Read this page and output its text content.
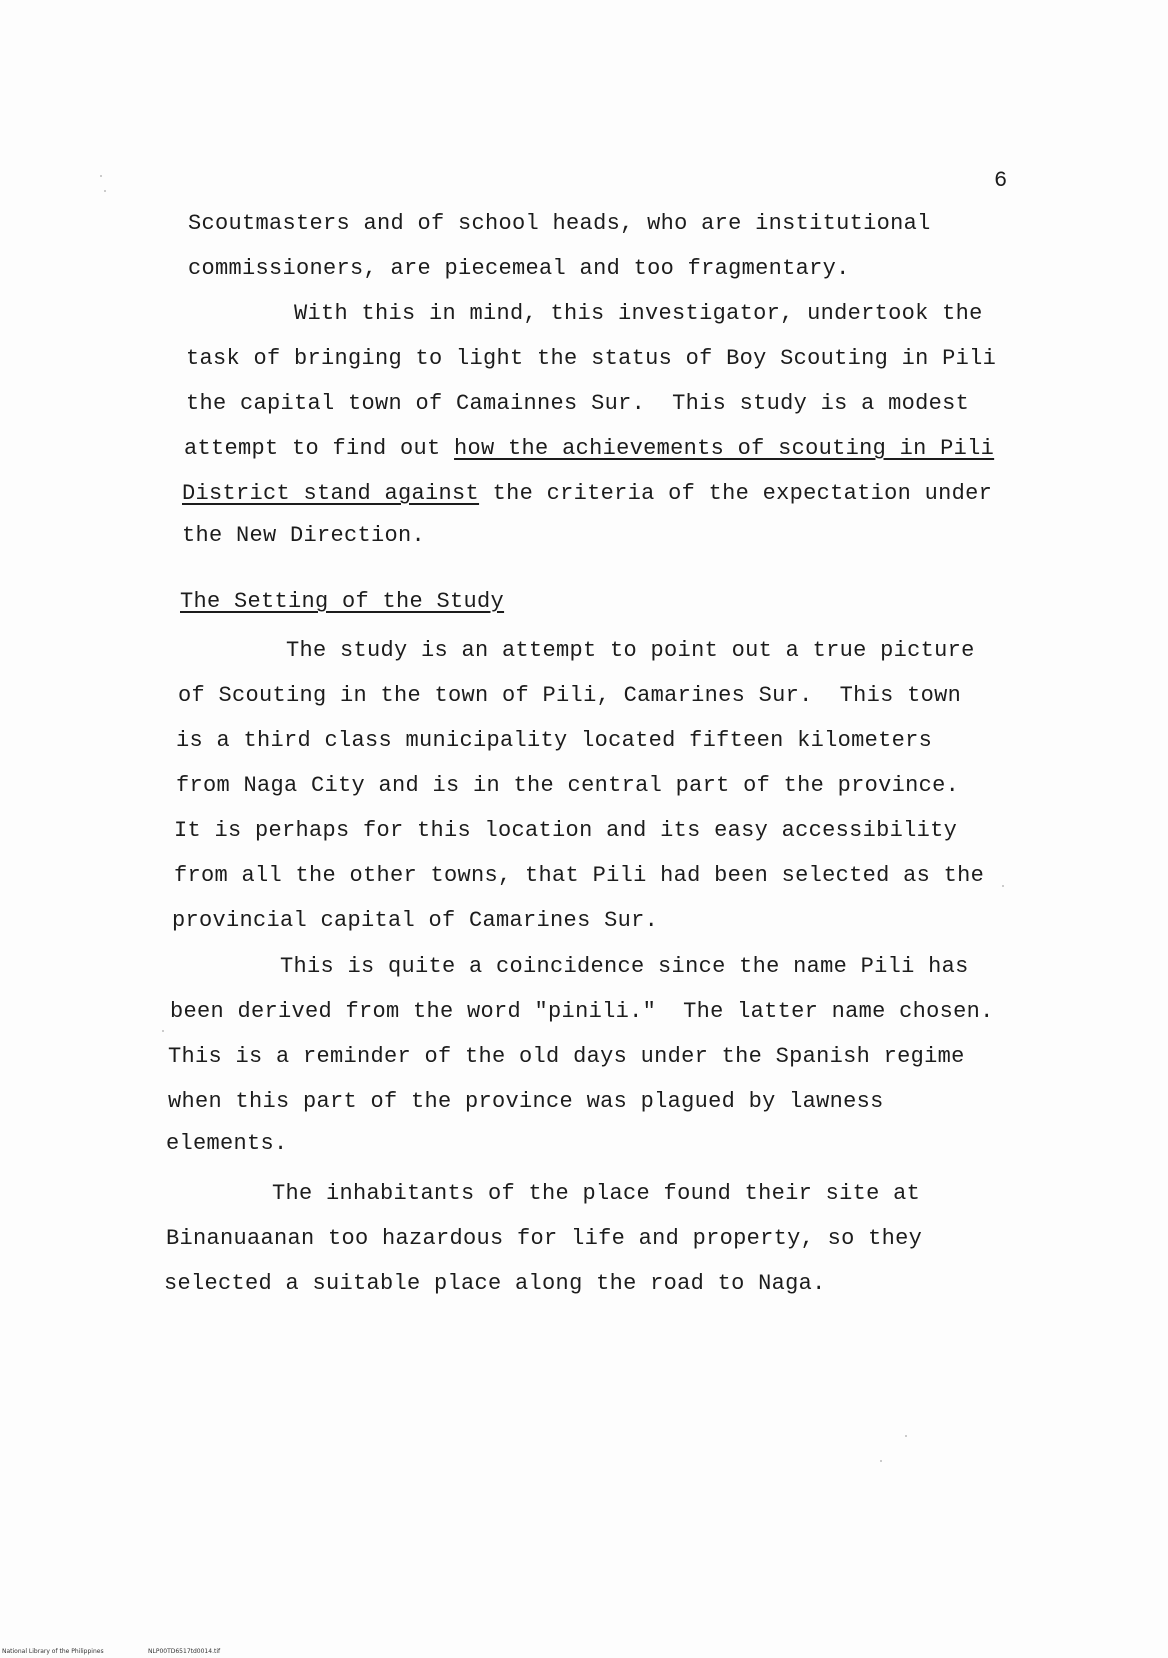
6

Scoutmasters and of school heads, who are institutional

commissioners, are piecemeal and too fragmentary.

With this in mind, this investigator, undertook the

task of bringing to light the status of Boy Scouting in Pili

the capital town of Camainnes Sur.  This study is a modest

attempt to find out how the achievements of scouting in Pili

District stand against the criteria of the expectation under

the New Direction.

The Setting of the Study

The study is an attempt to point out a true picture

of Scouting in the town of Pili, Camarines Sur.  This town

is a third class municipality located fifteen kilometers

from Naga City and is in the central part of the province.

It is perhaps for this location and its easy accessibility

from all the other towns, that Pili had been selected as the

provincial capital of Camarines Sur.

This is quite a coincidence since the name Pili has

been derived from the word "pinili."  The latter name chosen.

This is a reminder of the old days under the Spanish regime

when this part of the province was plagued by lawness

elements.

The inhabitants of the place found their site at

Binanuaanan too hazardous for life and property, so they

selected a suitable place along the road to Naga.

National Library of the Philippines	NLP00TD6517td0014.tif
